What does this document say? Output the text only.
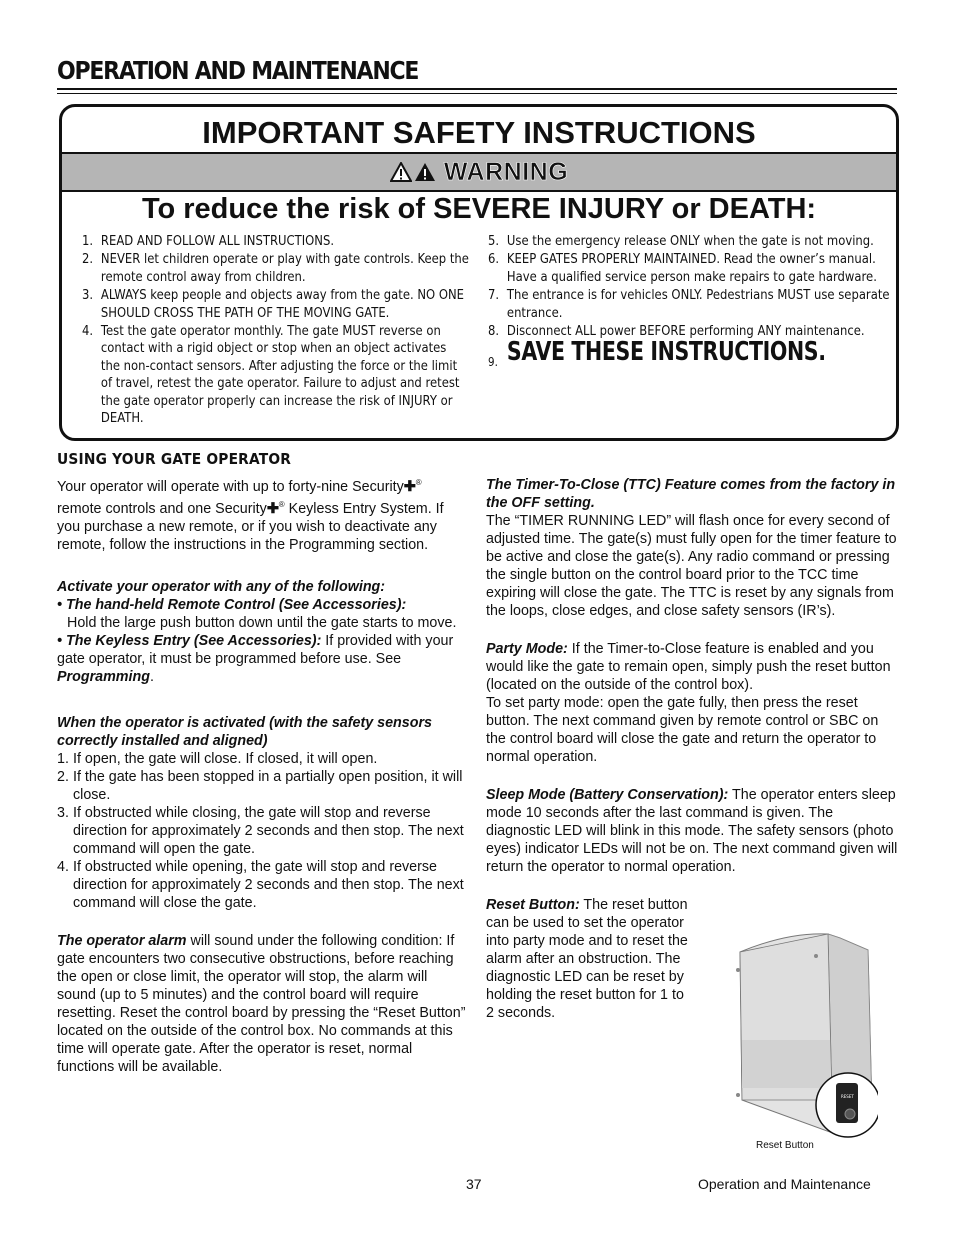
OPERATION AND MAINTENANCE
IMPORTANT SAFETY INSTRUCTIONS
WARNING
To reduce the risk of SEVERE INJURY or DEATH:
1. READ AND FOLLOW ALL INSTRUCTIONS.
2. NEVER let children operate or play with gate controls. Keep the remote control away from children.
3. ALWAYS keep people and objects away from the gate. NO ONE SHOULD CROSS THE PATH OF THE MOVING GATE.
4. Test the gate operator monthly. The gate MUST reverse on contact with a rigid object or stop when an object activates the non-contact sensors. After adjusting the force or the limit of travel, retest the gate operator. Failure to adjust and retest the gate operator properly can increase the risk of INJURY or DEATH.
5. Use the emergency release ONLY when the gate is not moving.
6. KEEP GATES PROPERLY MAINTAINED. Read the owner’s manual. Have a qualified service person make repairs to gate hardware.
7. The entrance is for vehicles ONLY. Pedestrians MUST use separate entrance.
8. Disconnect ALL power BEFORE performing ANY maintenance.
9. SAVE THESE INSTRUCTIONS.
USING YOUR GATE OPERATOR

Your operator will operate with up to forty-nine Security✚® remote controls and one Security✚® Keyless Entry System. If you purchase a new remote, or if you wish to deactivate any remote, follow the instructions in the Programming section.

Activate your operator with any of the following:

• The hand-held Remote Control (See Accessories):

Hold the large push button down until the gate starts to move.

• The Keyless Entry (See Accessories): If provided with your gate operator, it must be programmed before use. See Programming.

When the operator is activated (with the safety sensors correctly installed and aligned)

1. If open, the gate will close. If closed, it will open.
2. If the gate has been stopped in a partially open position, it will close.
3. If obstructed while closing, the gate will stop and reverse direction for approximately 2 seconds and then stop. The next command will open the gate.
4. If obstructed while opening, the gate will stop and reverse direction for approximately 2 seconds and then stop. The next command will close the gate.

The operator alarm will sound under the following condition: If gate encounters two consecutive obstructions, before reaching the open or close limit, the operator will stop, the alarm will sound (up to 5 minutes) and the control board will require resetting. Reset the control board by pressing the “Reset Button” located on the outside of the control box. No commands at this time will operate gate. After the operator is reset, normal functions will be available.

The Timer-To-Close (TTC) Feature comes from the factory in the OFF setting.

The “TIMER RUNNING LED” will flash once for every second of adjusted time. The gate(s) must fully open for the timer feature to be active and close the gate(s). Any radio command or pressing the single button on the control board prior to the TCC time expiring will close the gate. The TTC is reset by any signals from the loops, close edges, and close safety sensors (IR’s).

Party Mode: If the Timer-to-Close feature is enabled and you would like the gate to remain open, simply push the reset button (located on the outside of the control box).

To set party mode: open the gate fully, then press the reset button. The next command given by remote control or SBC on the control board will close the gate and return the operator to normal operation.

Sleep Mode (Battery Conservation): The operator enters sleep mode 10 seconds after the last command is given. The diagnostic LED will blink in this mode. The safety sensors (photo eyes) indicator LEDs will not be on. The next command given will return the operator to normal operation.

Reset Button: The reset button can be used to set the operator into party mode and to reset the alarm after an obstruction. The diagnostic LED can be reset by holding the reset button for 1 to 2 seconds.

RESET
Reset Button
37	Operation and Maintenance
